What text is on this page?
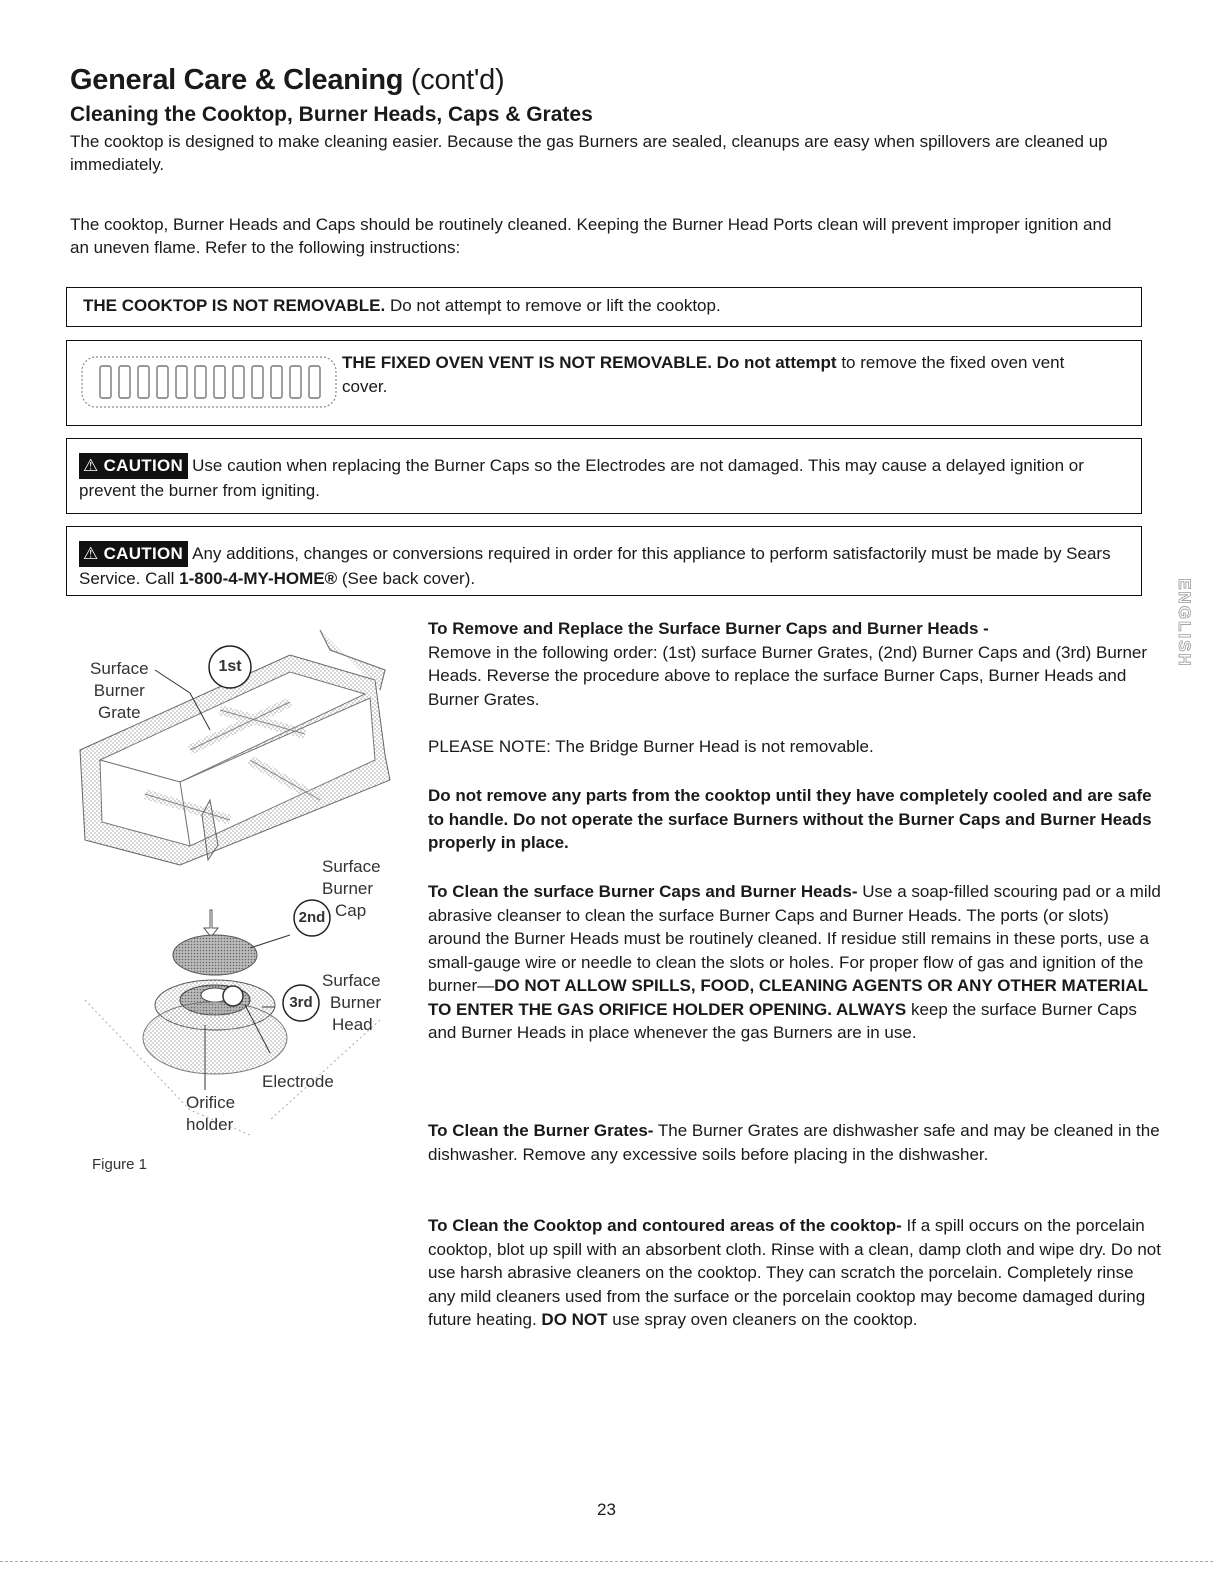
General Care & Cleaning (cont'd)
Cleaning the Cooktop, Burner Heads, Caps & Grates

The cooktop is designed to make cleaning easier. Because the gas Burners are sealed, cleanups are easy when spillovers are cleaned up immediately.

The cooktop, Burner Heads and Caps should be routinely cleaned. Keeping the Burner Head Ports clean will prevent improper ignition and an uneven flame. Refer to the following instructions:

THE COOKTOP IS NOT REMOVABLE. Do not attempt to remove or lift the cooktop.
THE FIXED OVEN VENT IS NOT REMOVABLE. Do not attempt to remove the fixed oven vent cover.
⚠ CAUTION Use caution when replacing the Burner Caps so the Electrodes are not damaged. This may cause a delayed ignition or prevent the burner from igniting.
⚠ CAUTION Any additions, changes or conversions required in order for this appliance to perform satisfactorily must be made by Sears Service. Call 1-800-4-MY-HOME® (See back cover).	ENGLISH
Surface
Burner
Grate
1st
Surface
Burner
Cap
2nd
Surface
Burner
Head
3rd
Electrode
Orifice
holder
Figure 1

To Remove and Replace the Surface Burner Caps and Burner Heads -
Remove in the following order: (1st) surface Burner Grates, (2nd) Burner Caps and (3rd) Burner Heads. Reverse the procedure above to replace the surface Burner Caps, Burner Heads and Burner Grates.

PLEASE NOTE: The Bridge Burner Head is not removable.

Do not remove any parts from the cooktop until they have completely cooled and are safe to handle. Do not operate the surface Burners without the Burner Caps and Burner Heads properly in place.

To Clean the surface Burner Caps and Burner Heads- Use a soap-filled scouring pad or a mild abrasive cleanser to clean the surface Burner Caps and Burner Heads. The ports (or slots) around the Burner Heads must be routinely cleaned. If residue still remains in these ports, use a small-gauge wire or needle to clean the slots or holes. For proper flow of gas and ignition of the burner—DO NOT ALLOW SPILLS, FOOD, CLEANING AGENTS OR ANY OTHER MATERIAL TO ENTER THE GAS ORIFICE HOLDER OPENING. ALWAYS keep the surface Burner Caps and Burner Heads in place whenever the gas Burners are in use.

To Clean the Burner Grates- The Burner Grates are dishwasher safe and may be cleaned in the dishwasher. Remove any excessive soils before placing in the dishwasher.

To Clean the Cooktop and contoured areas of the cooktop- If a spill occurs on the porcelain cooktop, blot up spill with an absorbent cloth. Rinse with a clean, damp cloth and wipe dry. Do not use harsh abrasive cleaners on the cooktop. They can scratch the porcelain. Completely rinse any mild cleaners used from the surface or the porcelain cooktop may become damaged during future heating. DO NOT use spray oven cleaners on the cooktop.

23
